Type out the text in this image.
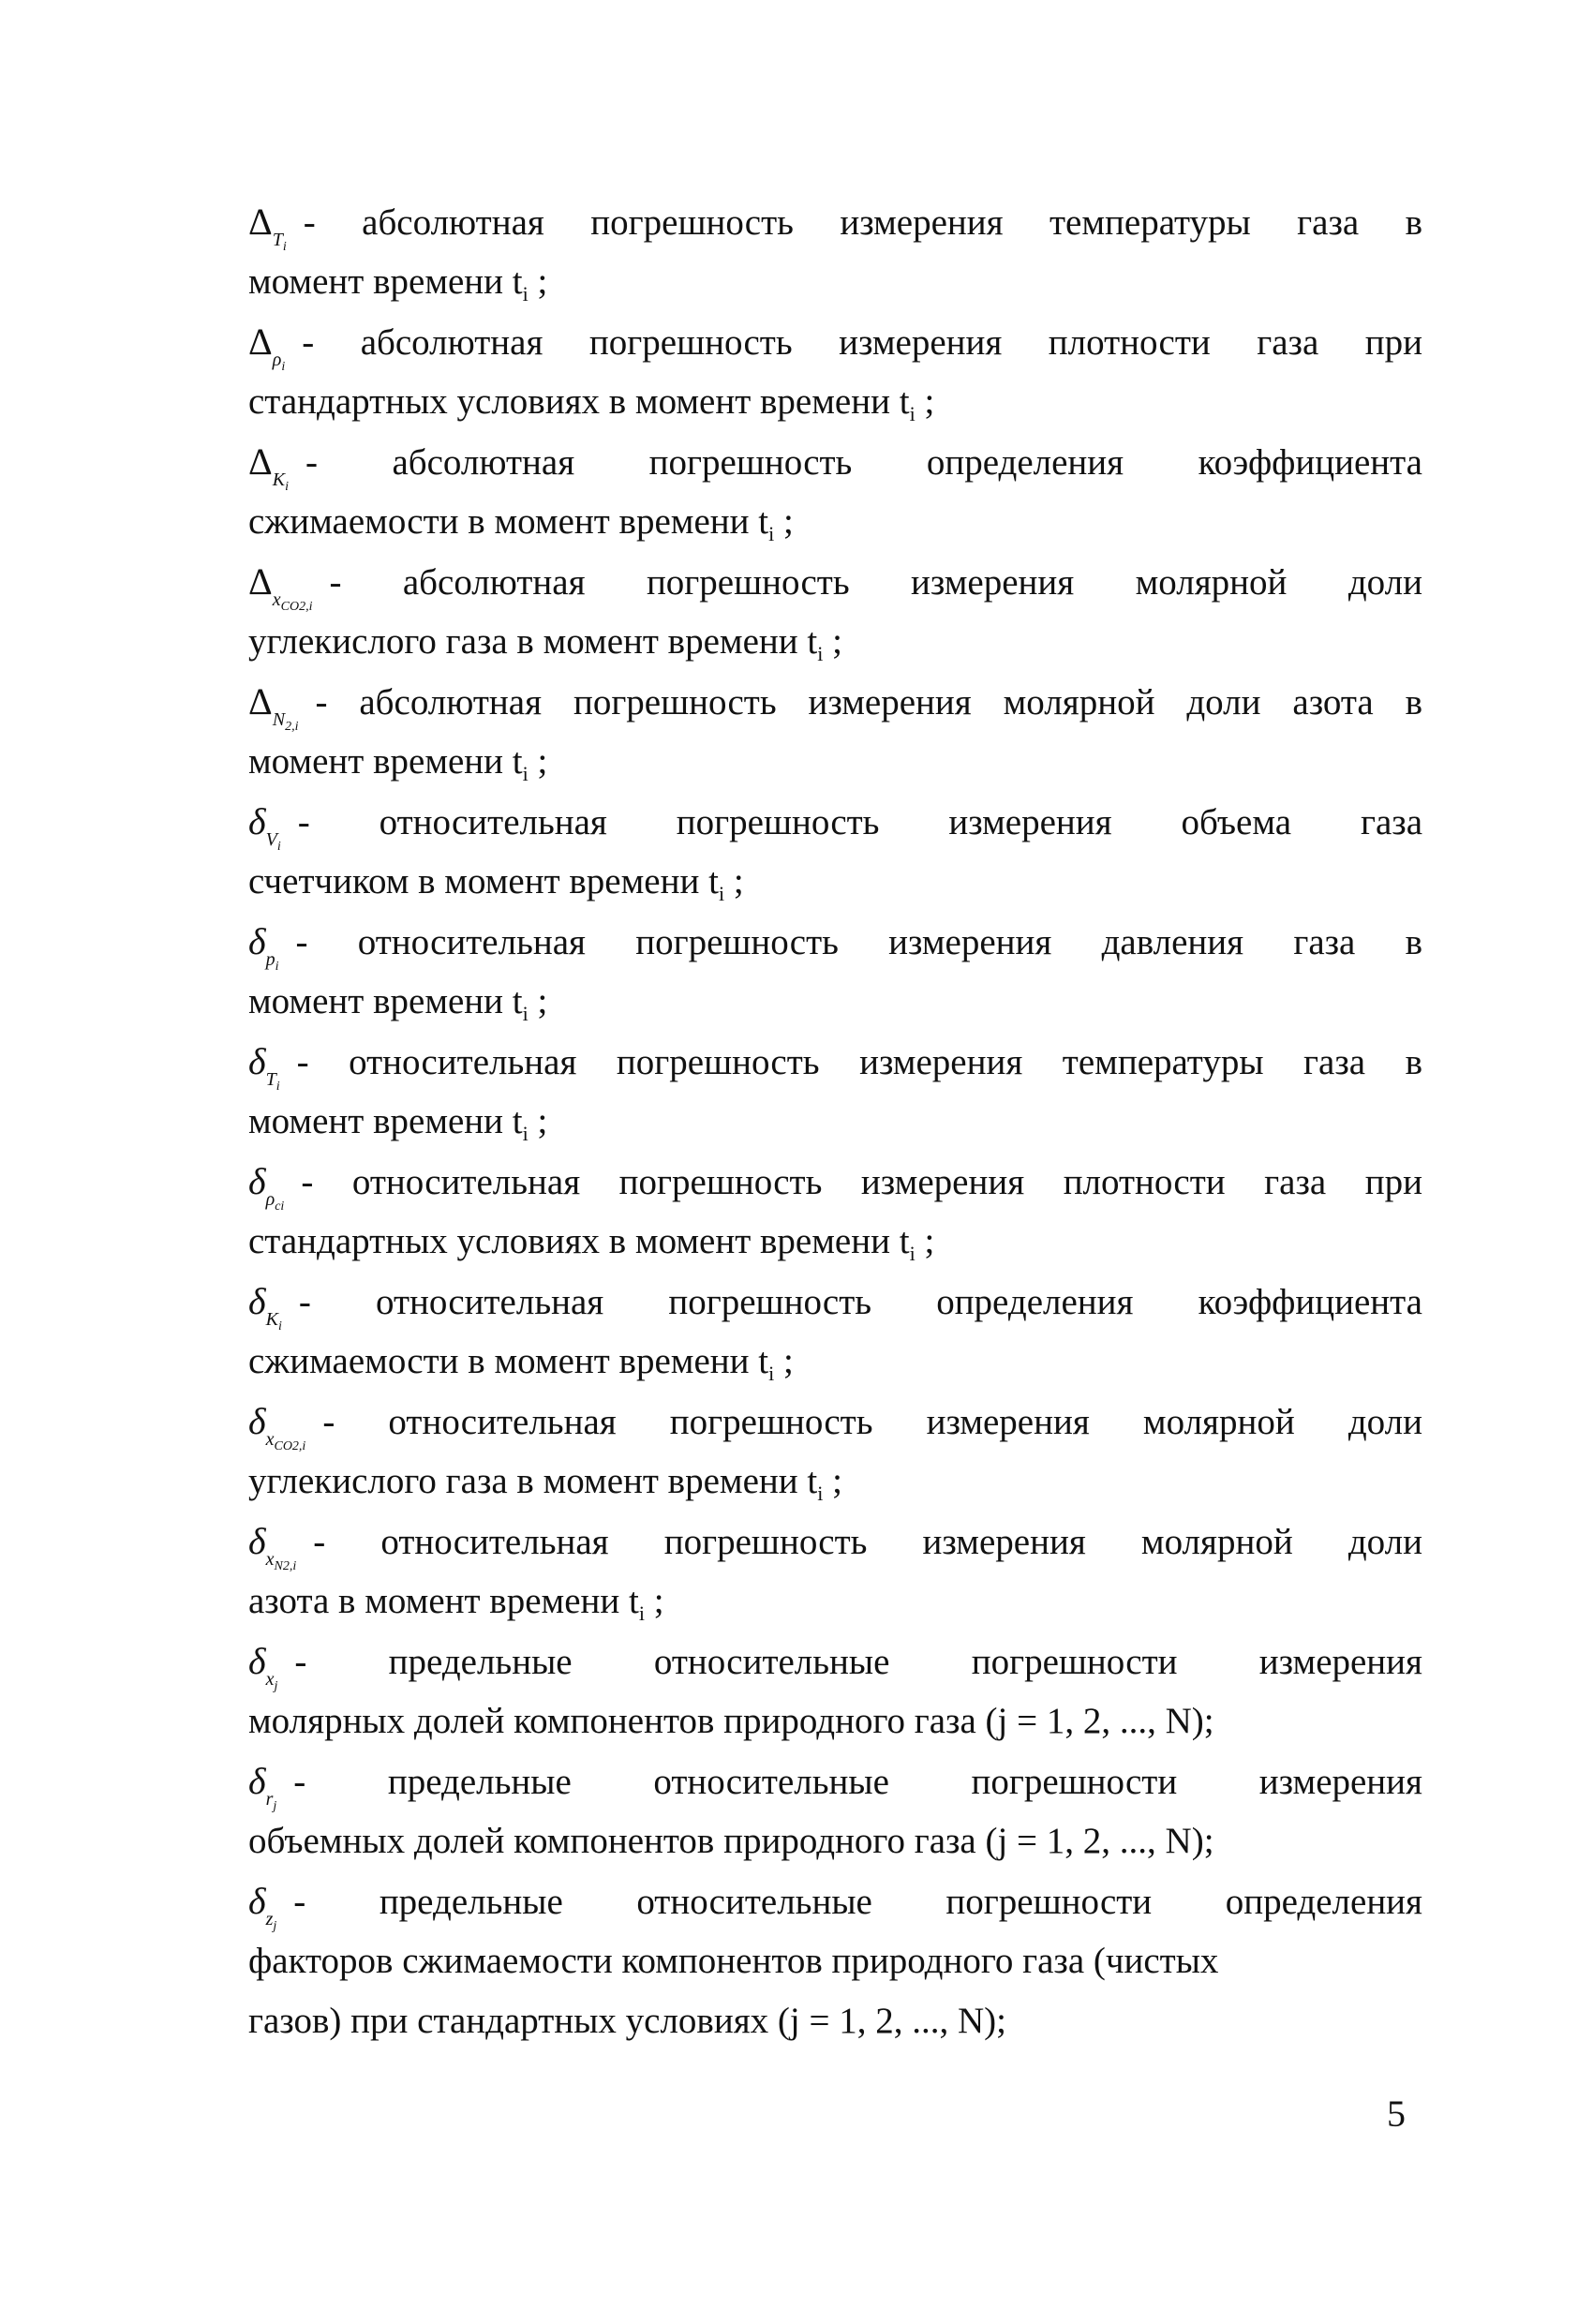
$\Delta_{T_i}$
- абсолютная погрешность измерения температуры газа в
момент времени $t_i$ ;
$\Delta_{\rho_i}$
- абсолютная погрешность измерения плотности газа при
стандартных условиях в момент времени $t_i$ ;
$\Delta_{K_i}$
- абсолютная погрешность определения коэффициента
сжимаемости в момент времени $t_i$ ;
$\Delta_{x_{CO2,i}}$
- абсолютная погрешность измерения молярной доли
углекислого газа в момент времени $t_i$ ;
$\Delta_{N_{2,i}}$
- абсолютная погрешность измерения молярной доли азота в
момент времени $t_i$ ;
$\delta_{V_i}$
- относительная погрешность измерения объема газа
счетчиком в момент времени $t_i$ ;
$\delta_{p_i}$
- относительная погрешность измерения давления газа в
момент времени $t_i$ ;
$\delta_{T_i}$
- относительная погрешность измерения температуры газа в
момент времени $t_i$ ;
$\delta_{\rho_{ci}}$
- относительная погрешность измерения плотности газа при
стандартных условиях в момент времени $t_i$ ;
$\delta_{K_i}$
- относительная погрешность определения коэффициента
сжимаемости в момент времени $t_i$ ;
$\delta_{x_{CO2,i}}$
- относительная погрешность измерения молярной доли
углекислого газа в момент времени $t_i$ ;
$\delta_{x_{N2,i}}$
- относительная погрешность измерения молярной доли
азота в момент времени $t_i$ ;
$\delta_{x_j}$
- предельные относительные погрешности измерения
молярных долей компонентов природного газа (j = 1, 2, ..., N);
$\delta_{r_j}$
- предельные относительные погрешности измерения
объемных долей компонентов природного газа (j = 1, 2, ..., N);
$\delta_{z_j}$
- предельные относительные погрешности определения
факторов сжимаемости компонентов природного газа (чистых
газов) при стандартных условиях (j = 1, 2, ..., N);
5
